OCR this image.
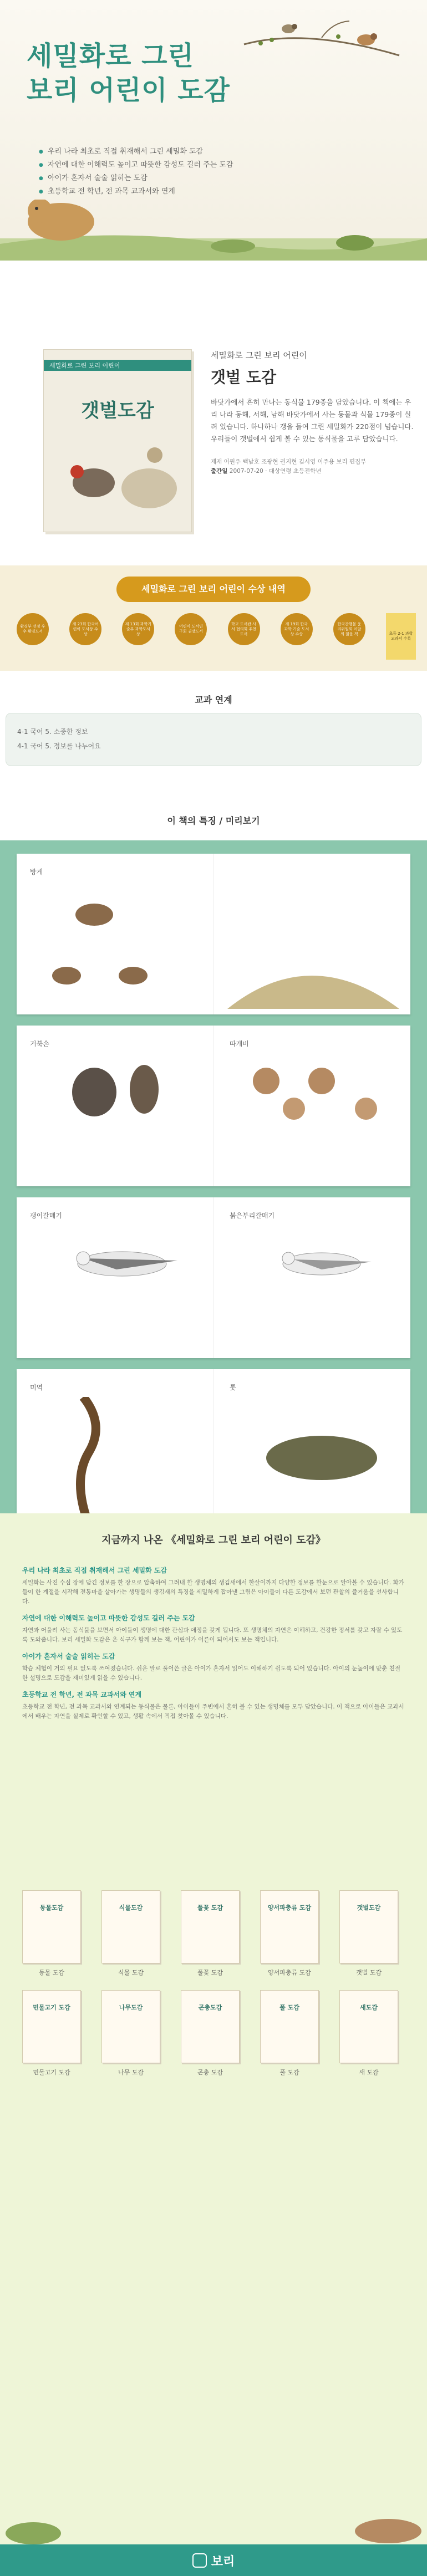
세밀화로 그린
보리 어린이 도감
● 우리 나라 최초로 직접 취재해서 그린 세밀화 도감
● 자연에 대한 이해력도 높이고 따뜻한 감성도 길러 주는 도감
● 아이가 혼자서 술술 읽히는 도감
● 초등학교 전 학년, 전 과목 교과서와 연계
세밀화로 그린 보리 어린이
갯벌도감
세밀화로 그린 보리 어린이
갯벌 도감

바닷가에서 흔히 만나는 동식물 179종을 담았습니다. 이 책에는 우리 나라 동해, 서해, 남해 바닷가에서 사는 동물과 식물 179종이 실려 있습니다. 하나하나 갱을 들여 그린 세밀화가 220점이 넘습니다. 우리들이 갯벌에서 쉽게 볼 수 있는 동식물을 고루 담았습니다.

제재 이원우 백남호 조광현 권지현 김시영 이주용 보리 편집부
출간일 2007-07-20 · 대상연령 초등전학년
세밀화로 그린 보리 어린이 수상 내역
환경부 선정 우수 환경도서
제 23회 한국어린이 도서상 수상
제 13회 과학기술부 과학도서상
어린이 도서연구회 권장도서
학교 도서관 사서 협의회 추천도서
제 19회 한국 과학 기술 도서상 수상
한국간행물 윤리위원회 이달의 읽을 책	초등 2-1 과학 교과서 수록
교과 연계

4-1 국어 5. 소중한 정보

4-1 국어 5. 정보를 나누어요

이 책의 특징 / 미리보기
방게
거북손	따개비
괭이갈매기	붉은부리갈매기
미역	톳
지금까지 나온 《세밀화로 그린 보리 어린이 도감》
우리 나라 최초로 직접 취재해서 그린 세밀화 도감
세밀화는 사진 수십 장에 담긴 정보를 한 장으로 압축하여 그려내 한 생명체의 생김새에서 한살이까지 다양한 정보를 한눈으로 알아볼 수 있습니다. 화가들이 한 계절을 시작해 전통마을 살아가는 생명들의 생김새의 특징을 세밀하게 잡아낸 그림은 아이들이 다른 도감에서 보던 관찰의 즐거움을 선사합니다.
자연에 대한 이해력도 높이고 따뜻한 감성도 길러 주는 도감
자연과 어울려 사는 동식물을 보면서 아이들이 생명에 대한 관심과 애정을 갖게 됩니다. 또 생명체의 자연은 이해하고, 건강한 정서를 갖고 자랄 수 있도록 도와줍니다. 보리 세밀화 도감은 온 식구가 함께 보는 책, 어린이가 어른이 되어서도 보는 책입니다.
아이가 혼자서 술술 읽히는 도감
학습 체험이 거의 필요 없도록 쓰여졌습니다. 쉬운 말로 풀어쓴 글은 아이가 혼자서 읽어도 이해하기 쉽도록 되어 있습니다. 아이의 눈높이에 맞춘 친절한 설명으로 도감을 재미있게 읽을 수 있습니다.
초등학교 전 학년, 전 과목 교과서와 연계
초등학교 전 학년, 전 과목 교과서와 연계되는 동식물은 물론, 아이들이 주변에서 흔히 볼 수 있는 생명체를 모두 담았습니다. 이 책으로 아이들은 교과서에서 배우는 자연을 실제로 확인할 수 있고, 생활 속에서 직접 찾아볼 수 있습니다.
동물도감
동물 도감
식물도감
식물 도감
풀꽃 도감
풀꽃 도감
양서파충류 도감
양서파충류 도감
갯벌도감
갯벌 도감
민물고기 도감
민물고기 도감
나무도감
나무 도감
곤충도감
곤충 도감
풀 도감
풀 도감
새도감
새 도감
보리
